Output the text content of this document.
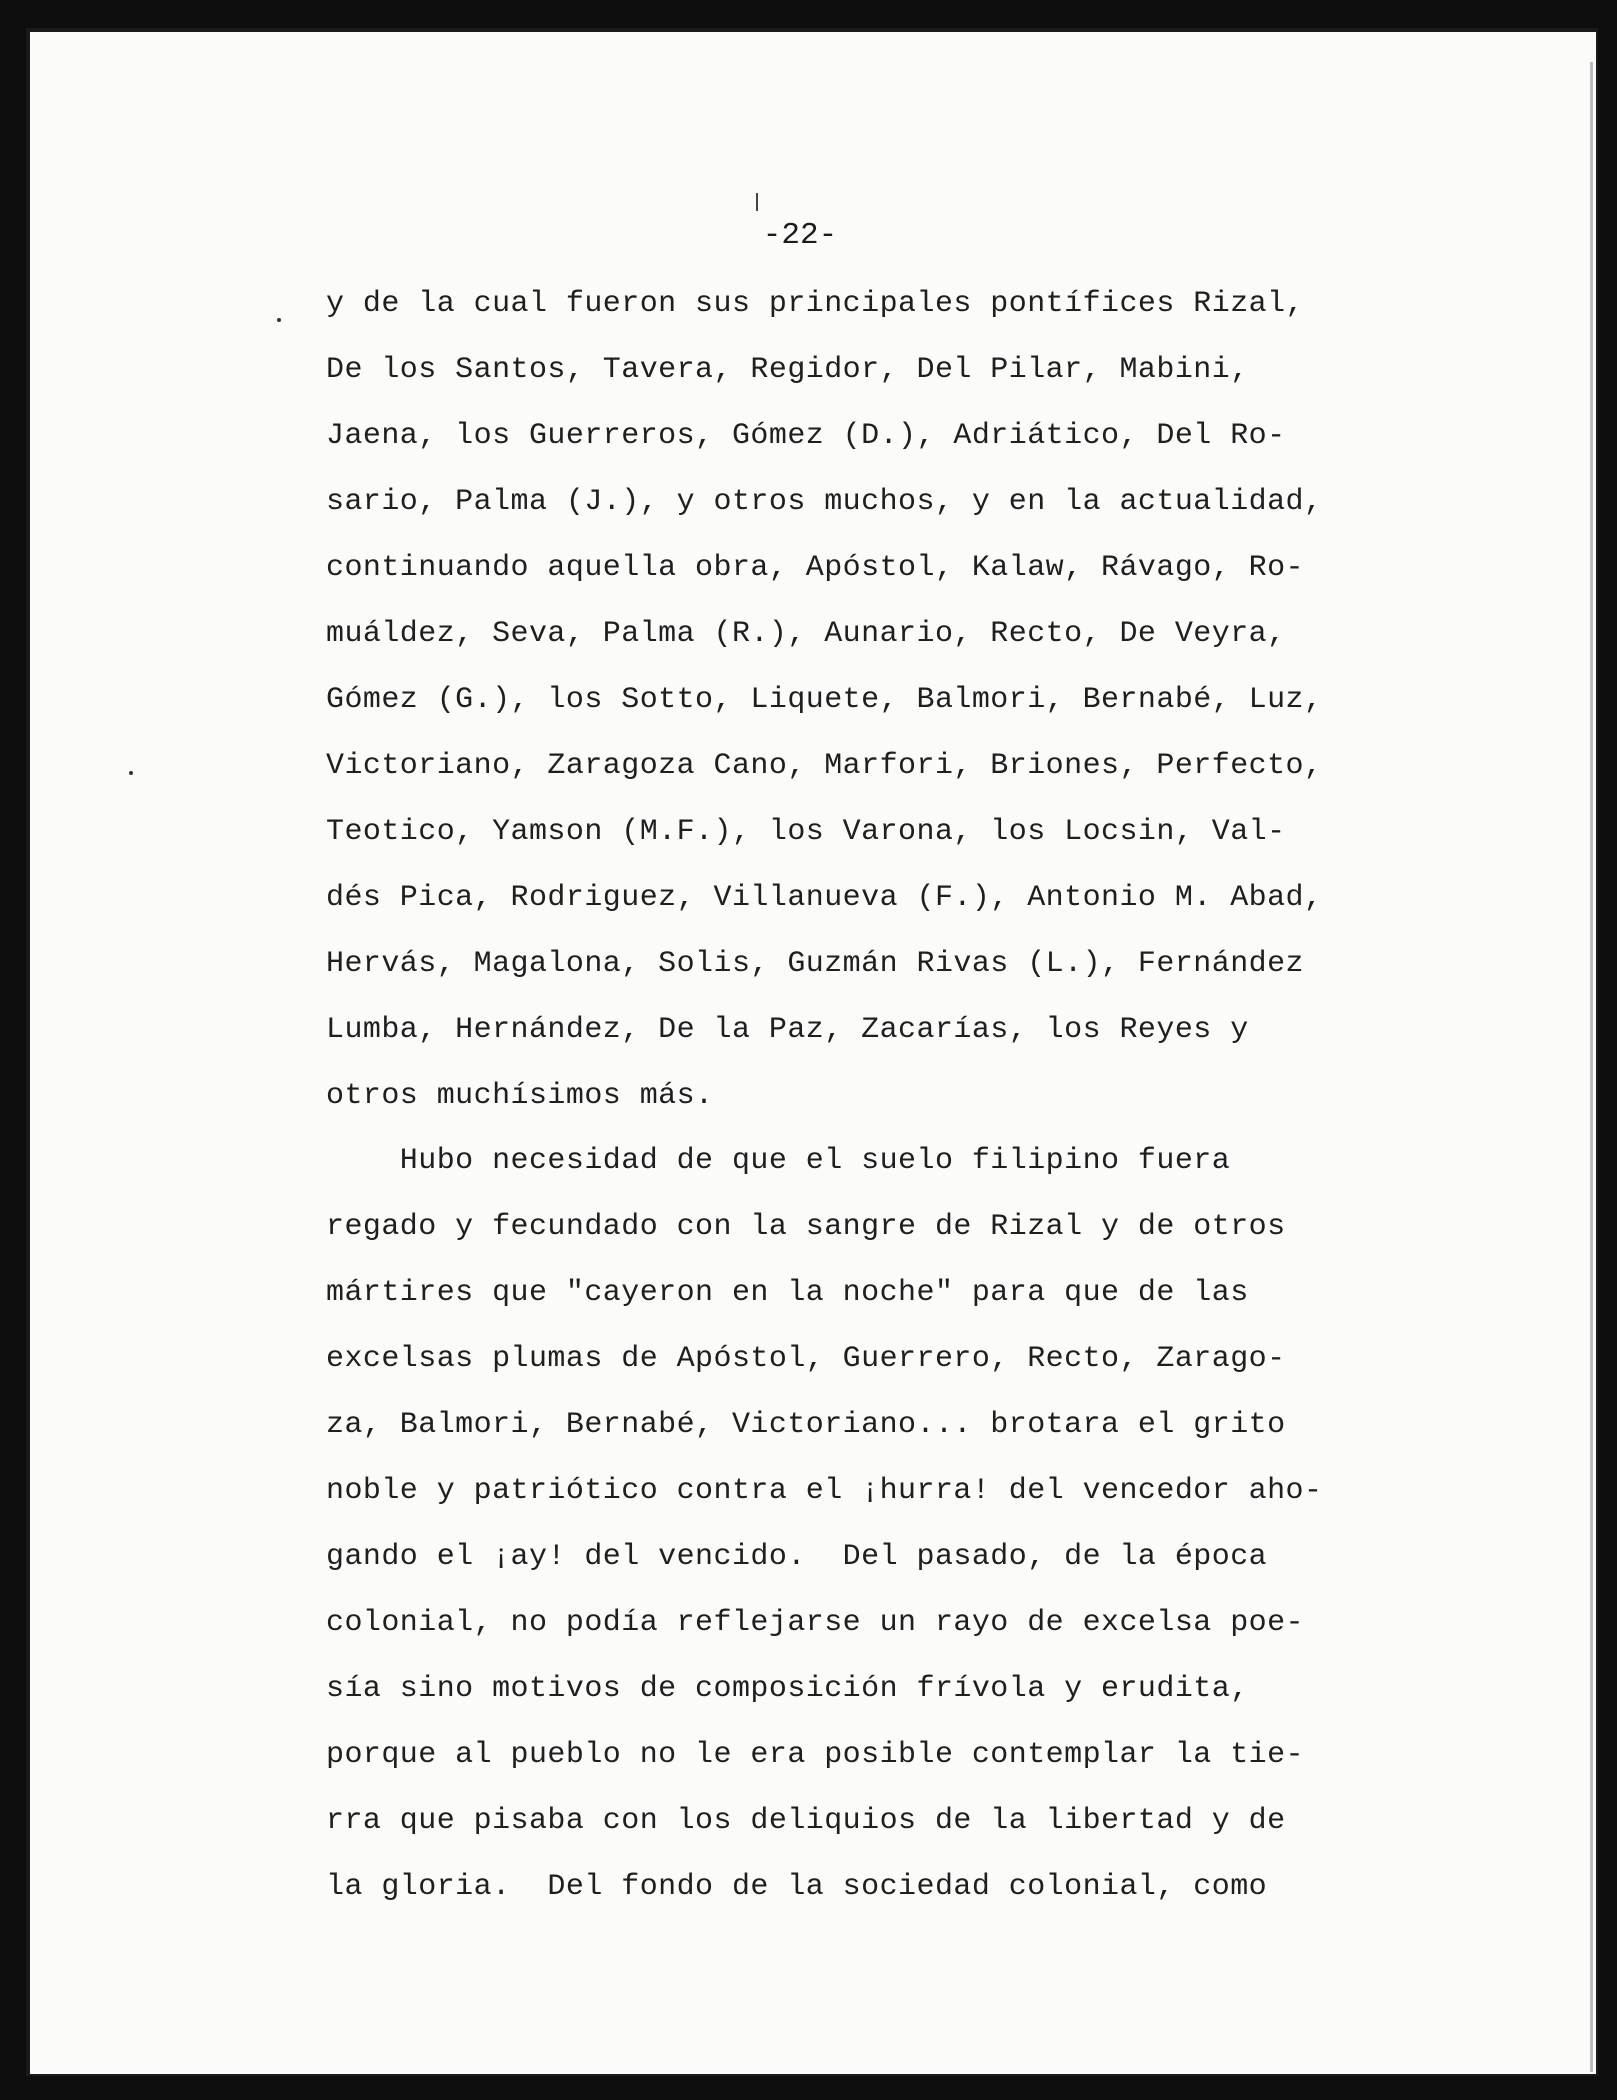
-22-
y de la cual fueron sus principales pontífices Rizal,
De los Santos, Tavera, Regidor, Del Pilar, Mabini,
Jaena, los Guerreros, Gómez (D.), Adriático, Del Ro-
sario, Palma (J.), y otros muchos, y en la actualidad,
continuando aquella obra, Apóstol, Kalaw, Rávago, Ro-
muáldez, Seva, Palma (R.), Aunario, Recto, De Veyra,
Gómez (G.), los Sotto, Liquete, Balmori, Bernabé, Luz,
Victoriano, Zaragoza Cano, Marfori, Briones, Perfecto,
Teotico, Yamson (M.F.), los Varona, los Locsin, Val-
dés Pica, Rodriguez, Villanueva (F.), Antonio M. Abad,
Hervás, Magalona, Solis, Guzmán Rivas (L.), Fernández
Lumba, Hernández, De la Paz, Zacarías, los Reyes y
otros muchísimos más.
Hubo necesidad de que el suelo filipino fuera
regado y fecundado con la sangre de Rizal y de otros
mártires que "cayeron en la noche" para que de las
excelsas plumas de Apóstol, Guerrero, Recto, Zarago-
za, Balmori, Bernabé, Victoriano... brotara el grito
noble y patriótico contra el ¡hurra! del vencedor aho-
gando el ¡ay! del vencido.  Del pasado, de la época
colonial, no podía reflejarse un rayo de excelsa poe-
sía sino motivos de composición frívola y erudita,
porque al pueblo no le era posible contemplar la tie-
rra que pisaba con los deliquios de la libertad y de
la gloria.  Del fondo de la sociedad colonial, como
